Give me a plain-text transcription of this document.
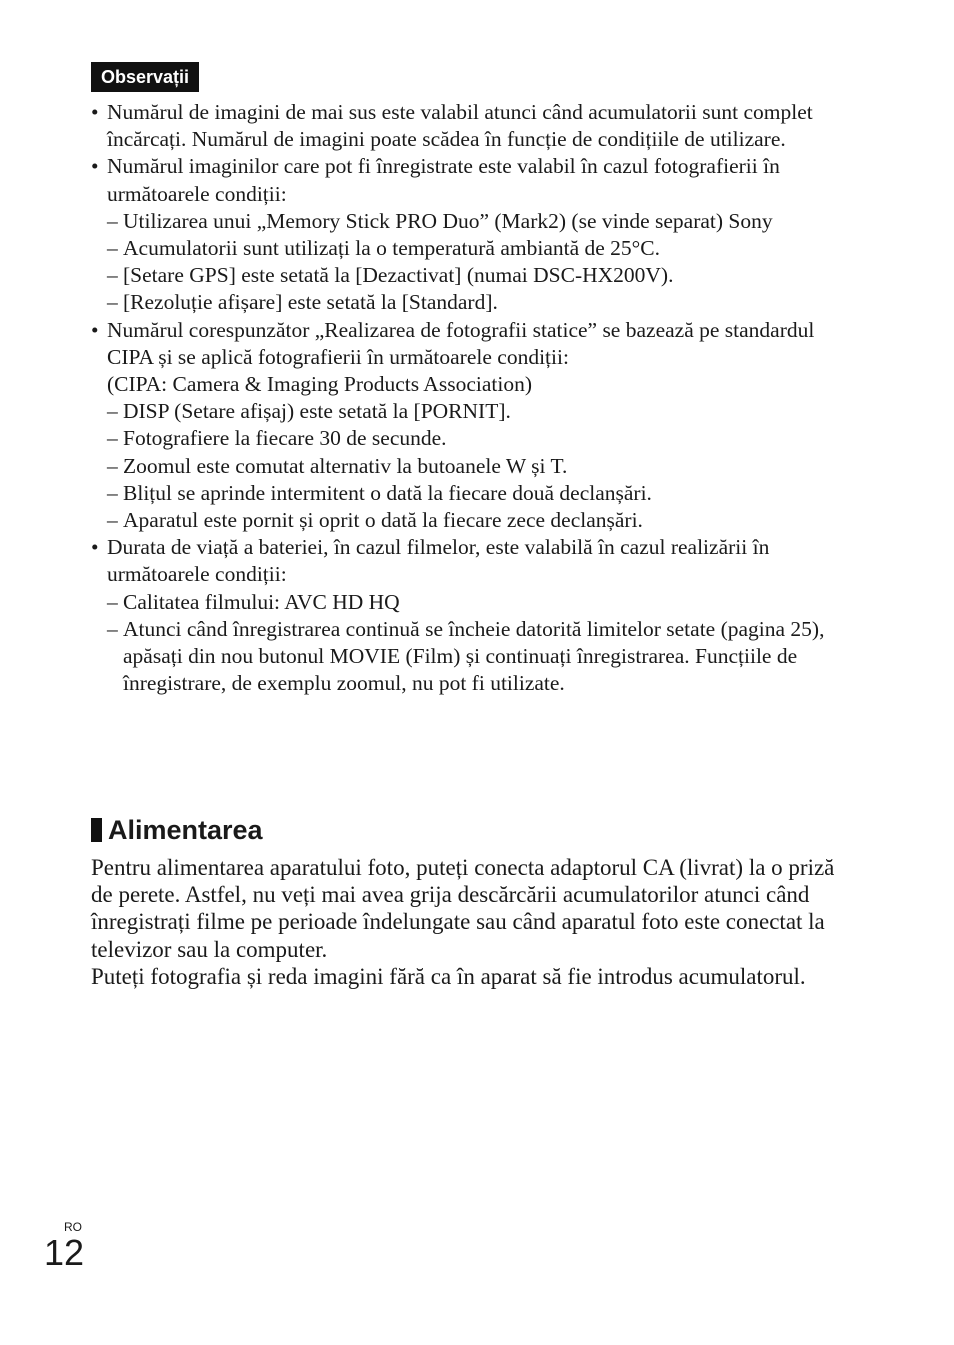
Observații
• Numărul de imagini de mai sus este valabil atunci când acumulatorii sunt complet încărcați. Numărul de imagini poate scădea în funcție de condițiile de utilizare.
• Numărul imaginilor care pot fi înregistrate este valabil în cazul fotografierii în următoarele condiții:
– Utilizarea unui „Memory Stick PRO Duo” (Mark2) (se vinde separat) Sony
– Acumulatorii sunt utilizați la o temperatură ambiantă de 25°C.
– [Setare GPS] este setată la [Dezactivat] (numai DSC-HX200V).
– [Rezoluție afișare] este setată la [Standard].
• Numărul corespunzător „Realizarea de fotografii statice” se bazează pe standardul CIPA și se aplică fotografierii în următoarele condiții:
(CIPA: Camera & Imaging Products Association)
– DISP (Setare afișaj) este setată la [PORNIT].
– Fotografiere la fiecare 30 de secunde.
– Zoomul este comutat alternativ la butoanele W și T.
– Blițul se aprinde intermitent o dată la fiecare două declanșări.
– Aparatul este pornit și oprit o dată la fiecare zece declanșări.
• Durata de viață a bateriei, în cazul filmelor, este valabilă în cazul realizării în următoarele condiții:
– Calitatea filmului: AVC HD HQ
– Atunci când înregistrarea continuă se încheie datorită limitelor setate (pagina 25), apăsați din nou butonul MOVIE (Film) și continuați înregistrarea. Funcțiile de înregistrare, de exemplu zoomul, nu pot fi utilizate.
Alimentarea
Pentru alimentarea aparatului foto, puteți conecta adaptorul CA (livrat) la o priză de perete. Astfel, nu veți mai avea grija descărcării acumulatorilor atunci când înregistrați filme pe perioade îndelungate sau când aparatul foto este conectat la televizor sau la computer.
Puteți fotografia și reda imagini fără ca în aparat să fie introdus acumulatorul.
RO
12
